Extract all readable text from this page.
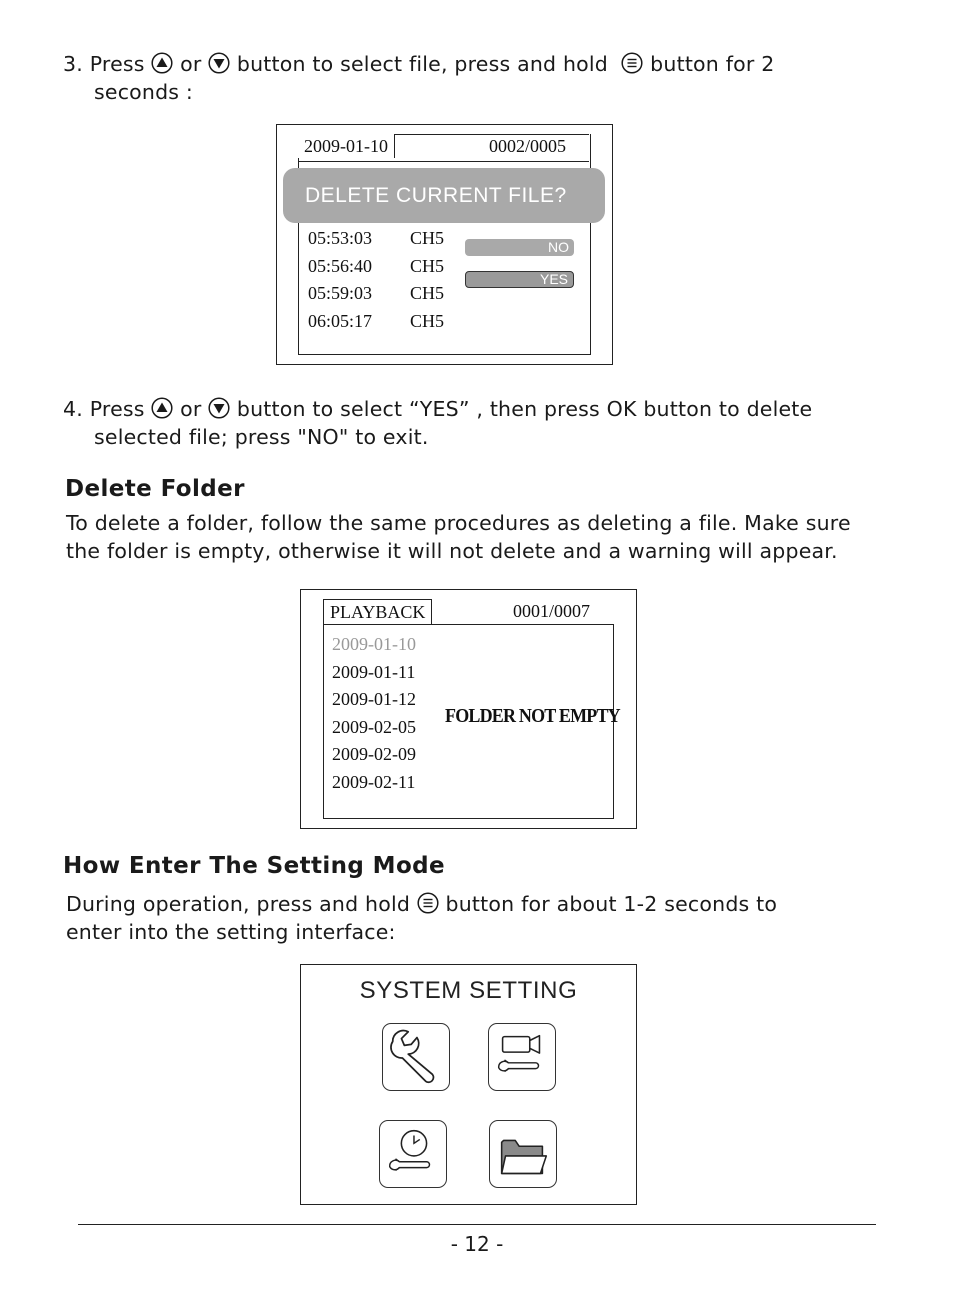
3. Press or button to select file, press and hold button for 2
seconds :
2009-01-10	0002/0005
DELETE CURRENT FILE?
05:53:03
05:56:40
05:59:03
06:05:17
CH5
CH5
CH5
CH5
NO
YES
4. Press or button to select “YES” , then press OK button to delete
selected file; press "NO" to exit.
Delete Folder
To delete a folder, follow the same procedures as deleting a file. Make sure
the folder is empty, otherwise it will not delete and a warning will appear.
PLAYBACK	0001/0007
2009-01-10
2009-01-11
2009-01-12
2009-02-05
2009-02-09
2009-02-11
FOLDER NOT EMPTY
How Enter The Setting Mode
During operation, press and hold button for about 1-2 seconds to
enter into the setting interface:
SYSTEM SETTING
- 12 -
